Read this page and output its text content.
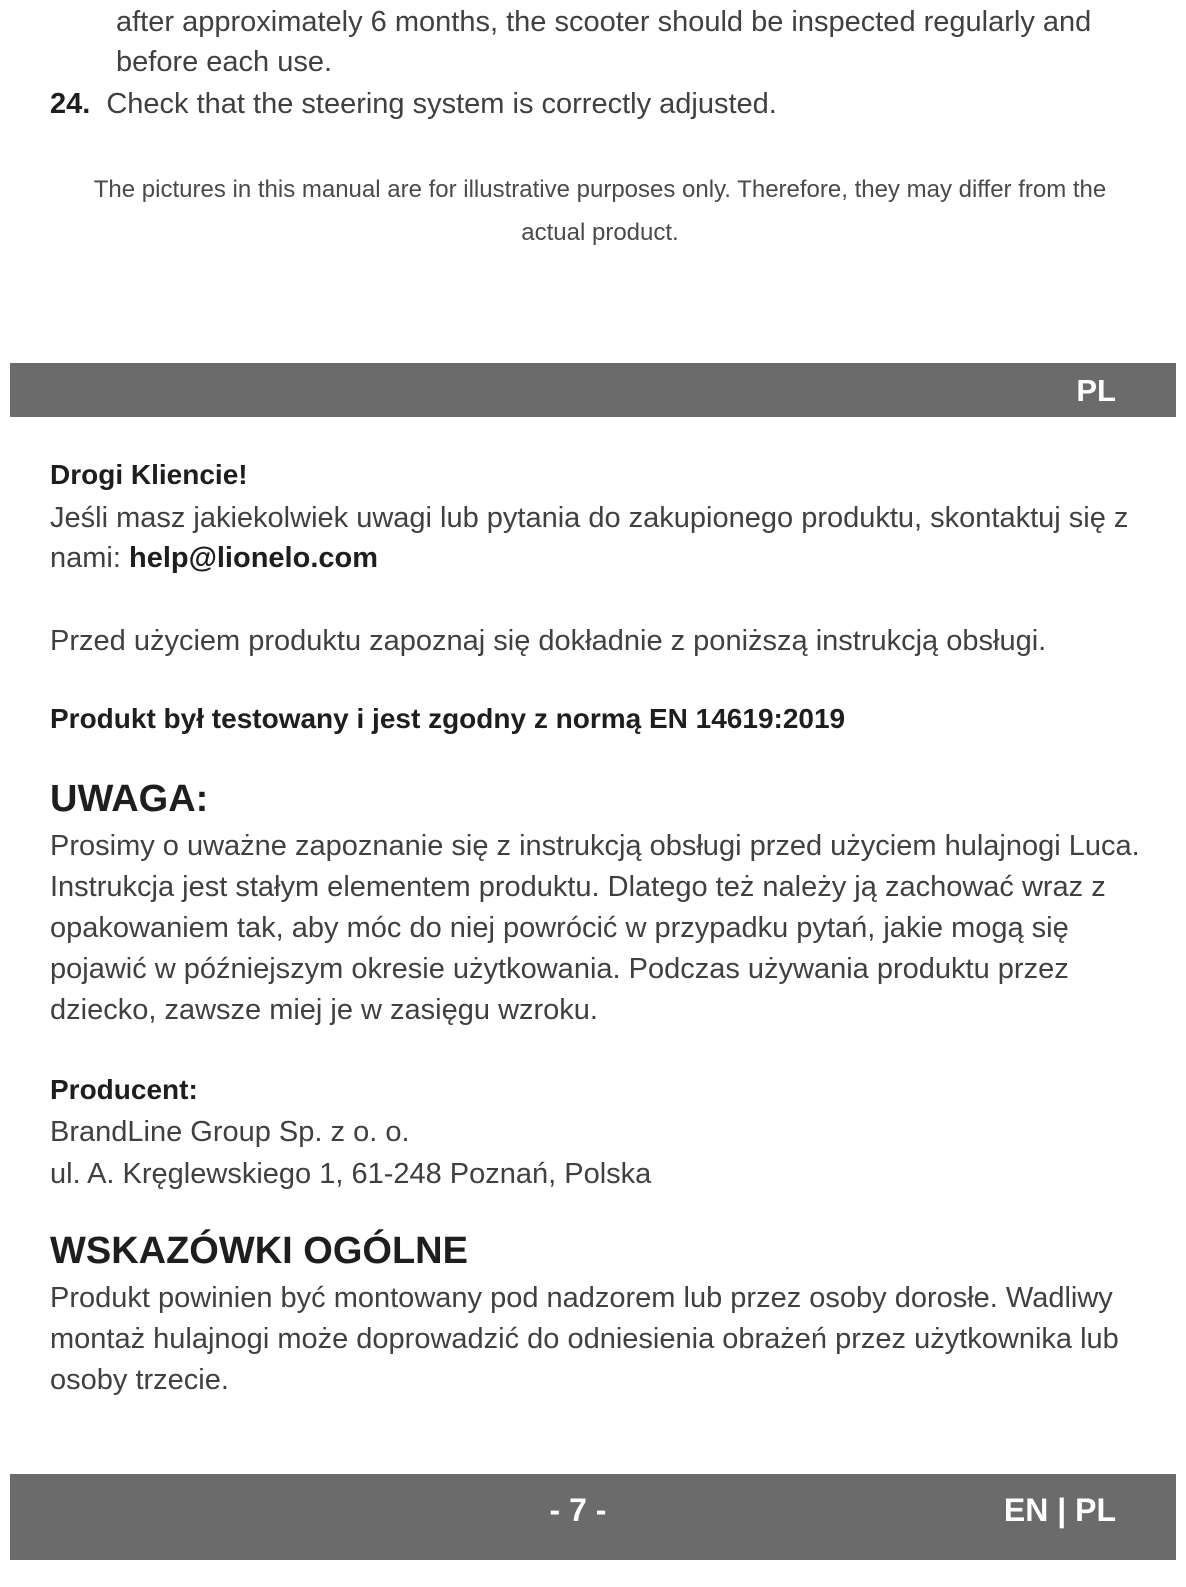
after approximately 6 months, the scooter should be inspected regularly and before each use.
24. Check that the steering system is correctly adjusted.
The pictures in this manual are for illustrative purposes only. Therefore, they may differ from the actual product.
PL
Drogi Kliencie!
Jeśli masz jakiekolwiek uwagi lub pytania do zakupionego produktu, skontaktuj się z nami: help@lionelo.com
Przed użyciem produktu zapoznaj się dokładnie z poniższą instrukcją obsługi.
Produkt był testowany i jest zgodny z normą EN 14619:2019
UWAGA:
Prosimy o uważne zapoznanie się z instrukcją obsługi przed użyciem hulajnogi Luca. Instrukcja jest stałym elementem produktu. Dlatego też należy ją zachować wraz z opakowaniem tak, aby móc do niej powrócić w przypadku pytań, jakie mogą się pojawić w późniejszym okresie użytkowania. Podczas używania produktu przez dziecko, zawsze miej je w zasięgu wzroku.
Producent:
BrandLine Group Sp. z o. o.
ul. A. Kręglewskiego 1, 61-248 Poznań, Polska
WSKAZÓWKI OGÓLNE
Produkt powinien być montowany pod nadzorem lub przez osoby dorosłe. Wadliwy montaż hulajnogi może doprowadzić do odniesienia obrażeń przez użytkownika lub osoby trzecie.
- 7 -	EN | PL
